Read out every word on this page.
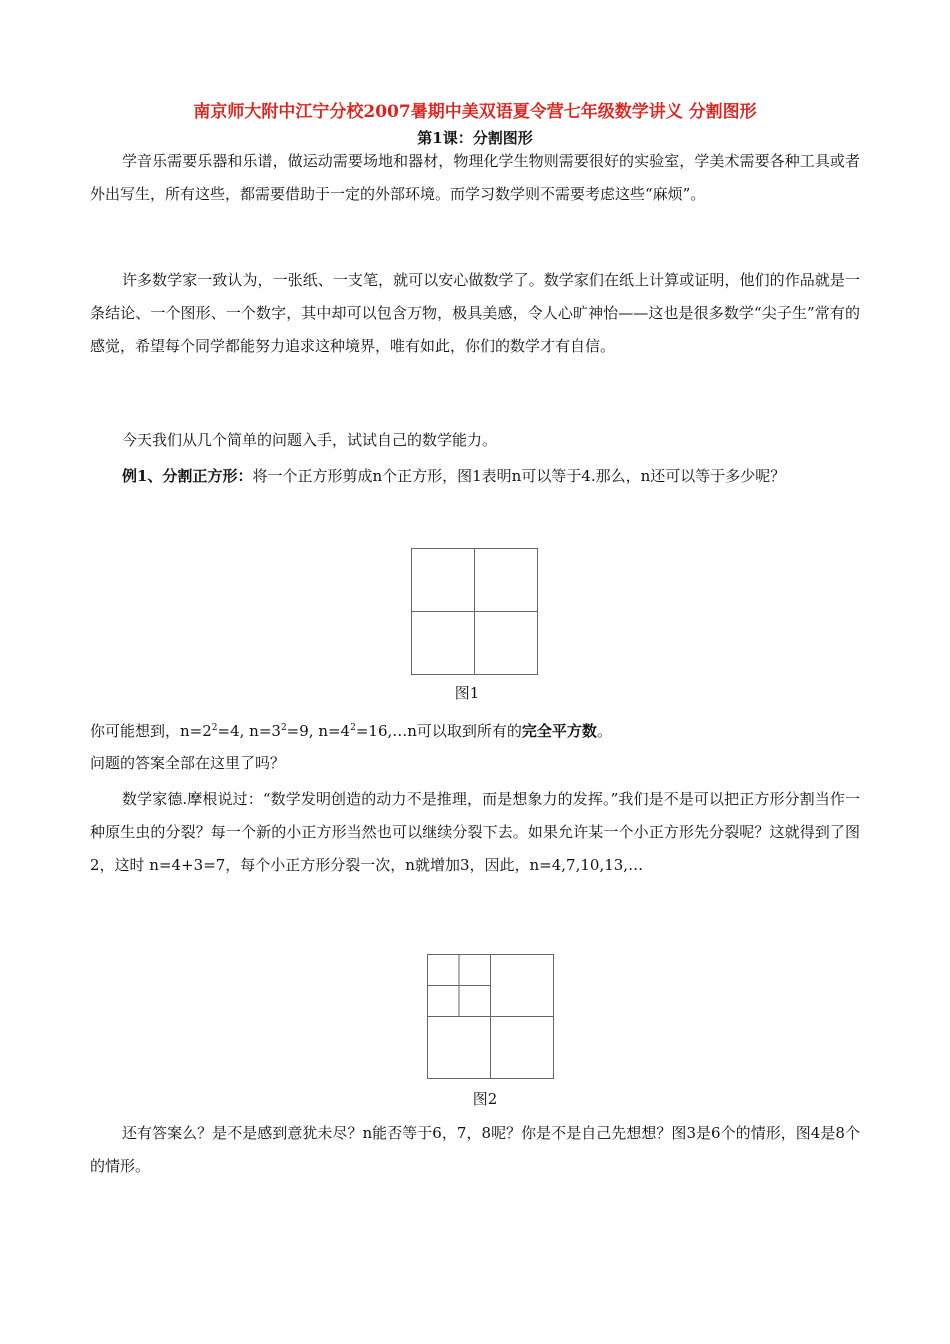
南京师大附中江宁分校2007暑期中美双语夏令营七年级数学讲义 分割图形
第1课：分割图形

学音乐需要乐器和乐谱，做运动需要场地和器材，物理化学生物则需要很好的实验室，学美术需要各种工具或者外出写生，所有这些，都需要借助于一定的外部环境。而学习数学则不需要考虑这些“麻烦”。

许多数学家一致认为，一张纸、一支笔，就可以安心做数学了。数学家们在纸上计算或证明，他们的作品就是一条结论、一个图形、一个数字，其中却可以包含万物，极具美感，令人心旷神怡——这也是很多数学“尖子生”常有的感觉，希望每个同学都能努力追求这种境界，唯有如此，你们的数学才有自信。

今天我们从几个简单的问题入手，试试自己的数学能力。

例1、分割正方形：将一个正方形剪成n个正方形，图1表明n可以等于4.那么，n还可以等于多少呢？

图1

你可能想到，$n=2^2=4$, $n=3^2=9$, $n=4^2=16,\dots n$可以取到所有的完全平方数。

问题的答案全部在这里了吗？

数学家德.摩根说过：“数学发明创造的动力不是推理，而是想象力的发挥。”我们是不是可以把正方形分割当作一种原生虫的分裂？每一个新的小正方形当然也可以继续分裂下去。如果允许某一个小正方形先分裂呢？这就得到了图2，这时 n=4+3=7，每个小正方形分裂一次，n就增加3，因此，n=4,7,10,13,…

图2

还有答案么？是不是感到意犹未尽？n能否等于6，7，8呢？你是不是自己先想想？图3是6个的情形，图4是8个的情形。
